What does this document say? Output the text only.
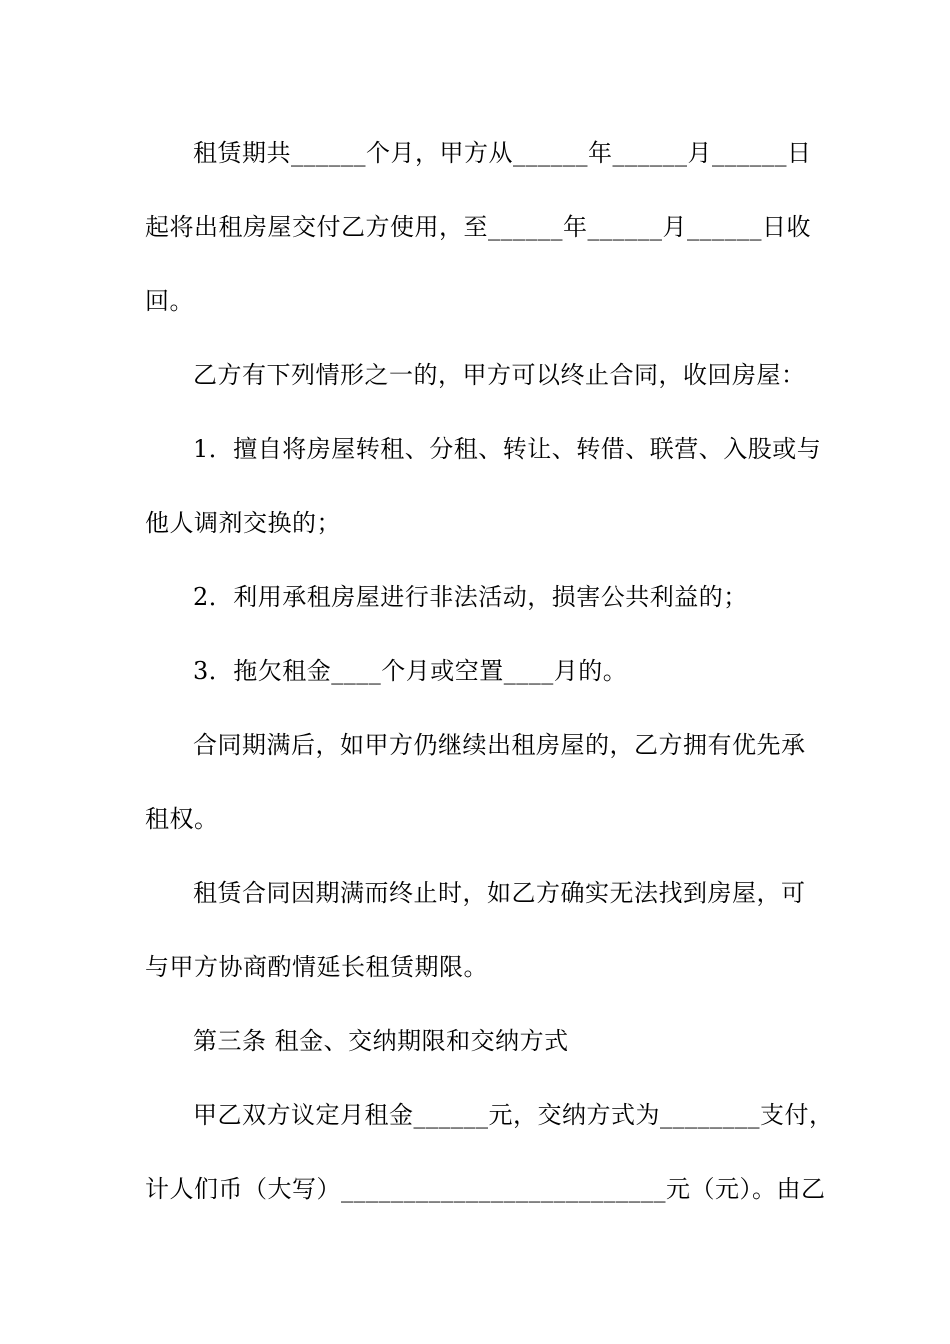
租赁期共______个月，甲方从______年______月______日
起将出租房屋交付乙方使用，至______年______月______日收
回。
乙方有下列情形之一的，甲方可以终止合同，收回房屋：
1．擅自将房屋转租、分租、转让、转借、联营、入股或与
他人调剂交换的；
2．利用承租房屋进行非法活动，损害公共利益的；
3．拖欠租金____个月或空置____月的。
合同期满后，如甲方仍继续出租房屋的，乙方拥有优先承
租权。
租赁合同因期满而终止时，如乙方确实无法找到房屋，可
与甲方协商酌情延长租赁期限。
第三条 租金、交纳期限和交纳方式
甲乙双方议定月租金______元，交纳方式为________支付，
计人们币（大写）__________________________元（元）。由乙
